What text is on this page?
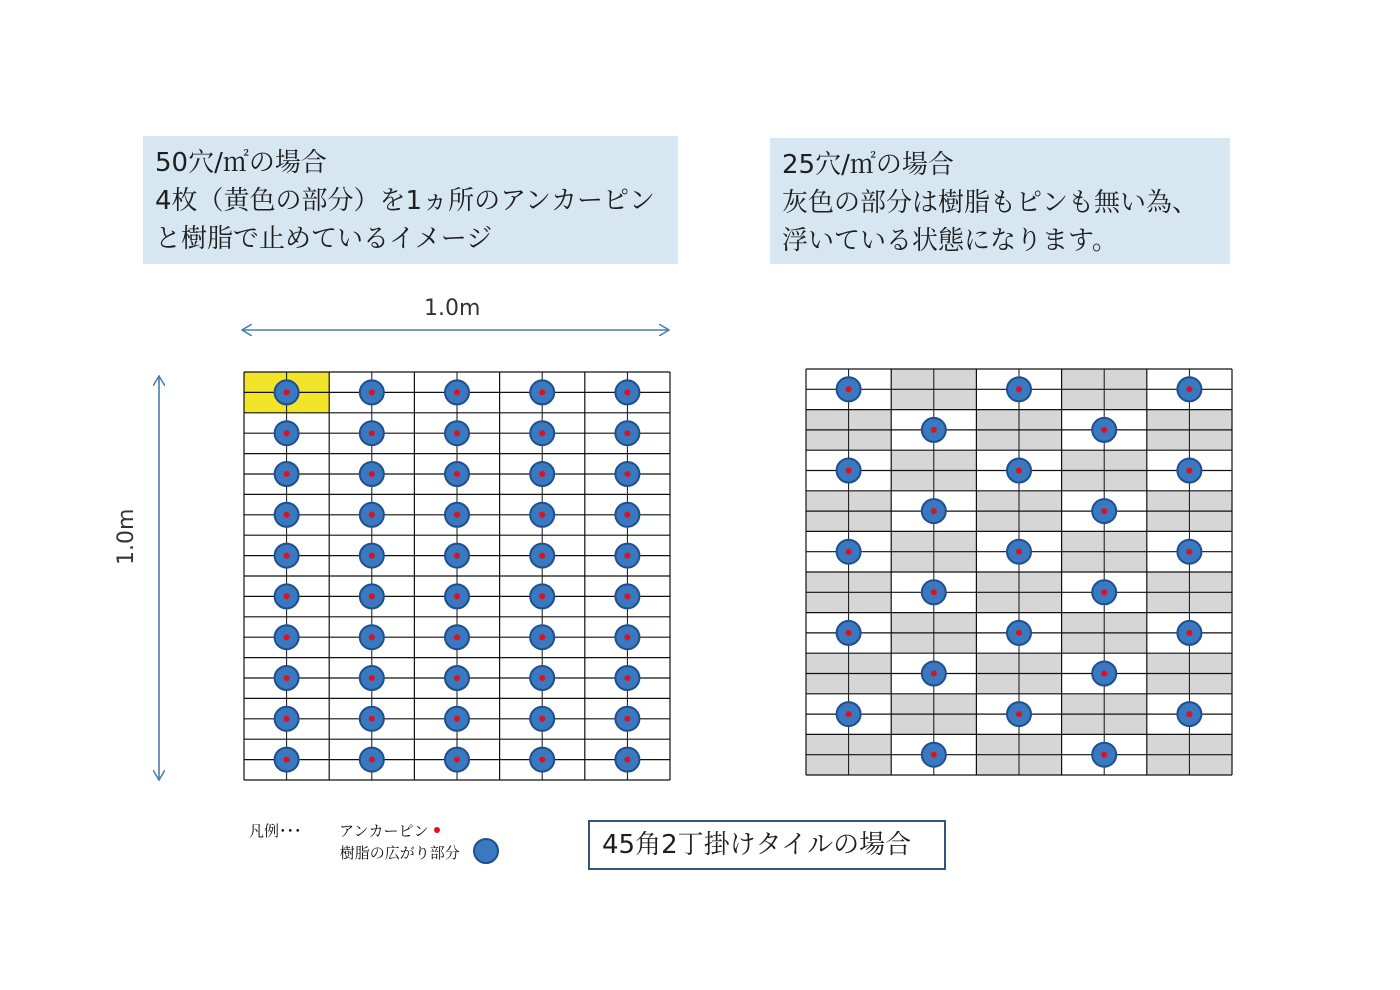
50穴/㎡の場合
4枚（黄色の部分）を1ヵ所のアンカーピン
と樹脂で止めているイメージ
25穴/㎡の場合
灰色の部分は樹脂もピンも無い為、
浮いている状態になります。
1.0m
1.0m
凡例･･･	アンカーピン
樹脂の広がり部分	45角2丁掛けタイルの場合
